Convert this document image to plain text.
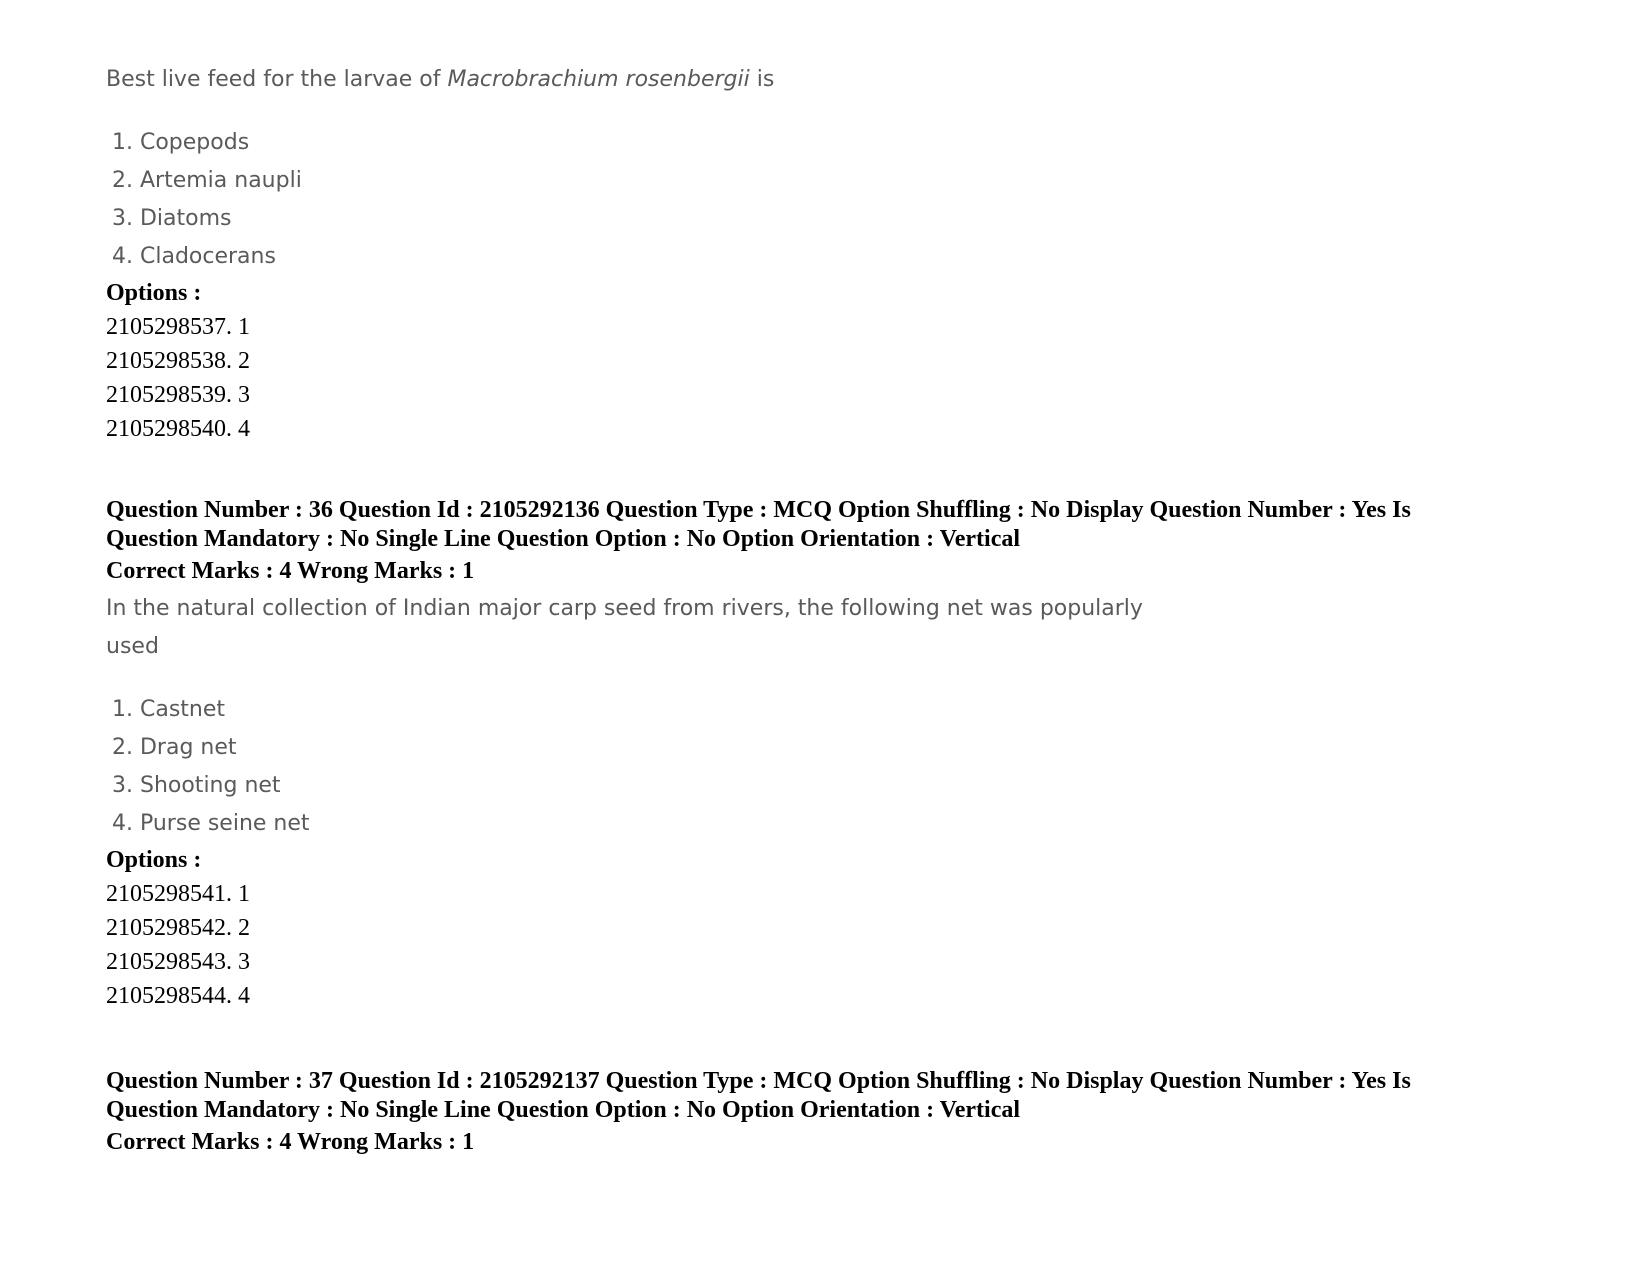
Best live feed for the larvae of Macrobrachium rosenbergii is

1. Copepods
2. Artemia naupli
3. Diatoms
4. Cladocerans

Options :

2105298537. 1

2105298538. 2

2105298539. 3

2105298540. 4

Question Number : 36 Question Id : 2105292136 Question Type : MCQ Option Shuffling : No Display Question Number : Yes Is

Question Mandatory : No Single Line Question Option : No Option Orientation : Vertical

Correct Marks : 4 Wrong Marks : 1

In the natural collection of Indian major carp seed from rivers, the following net was popularly
used
1. Castnet
2. Drag net
3. Shooting net
4. Purse seine net

Options :

2105298541. 1

2105298542. 2

2105298543. 3

2105298544. 4

Question Number : 37 Question Id : 2105292137 Question Type : MCQ Option Shuffling : No Display Question Number : Yes Is

Question Mandatory : No Single Line Question Option : No Option Orientation : Vertical

Correct Marks : 4 Wrong Marks : 1
